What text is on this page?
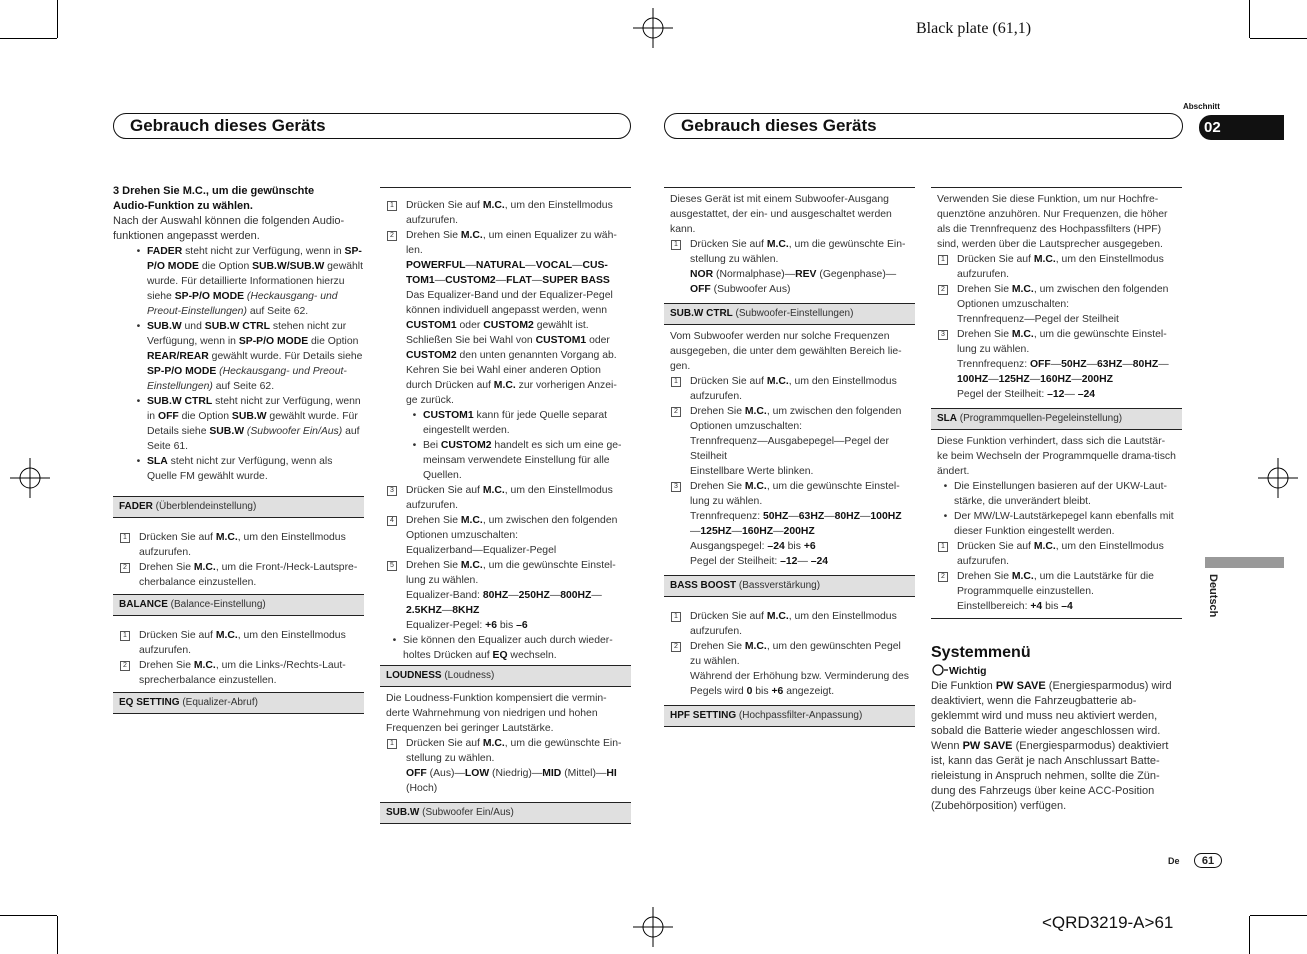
Black plate (61,1)
<QRD3219-A>61
Gebrauch dieses Geräts	Gebrauch dieses Geräts
Abschnitt
02
Deutsch
De	61

3 Drehen Sie M.C., um die gewünschte
Audio-Funktion zu wählen.

Nach der Auswahl können die folgenden Audio-funktionen angepasst werden.

• FADER steht nicht zur Verfügung, wenn in SP-P/O MODE die Option SUB.W/SUB.W gewählt wurde. Für detaillierte Informationen hierzu siehe SP-P/O MODE (Heckausgang- und Preout-Einstellungen) auf Seite 62.
• SUB.W und SUB.W CTRL stehen nicht zur Verfügung, wenn in SP-P/O MODE die Option REAR/REAR gewählt wurde. Für Details siehe SP-P/O MODE (Heckausgang- und Preout-Einstellungen) auf Seite 62.
• SUB.W CTRL steht nicht zur Verfügung, wenn in OFF die Option SUB.W gewählt wurde. Für Details siehe SUB.W (Subwoofer Ein/Aus) auf Seite 61.
• SLA steht nicht zur Verfügung, wenn als Quelle FM gewählt wurde.
FADER (Überblendeinstellung)
1 Drücken Sie auf M.C., um den Einstellmodus aufzurufen.
2 Drehen Sie M.C., um die Front-/Heck-Lautspre-cherbalance einzustellen.
BALANCE (Balance-Einstellung)
1 Drücken Sie auf M.C., um den Einstellmodus aufzurufen.
2 Drehen Sie M.C., um die Links-/Rechts-Laut-sprecherbalance einzustellen.
EQ SETTING (Equalizer-Abruf)
1 Drücken Sie auf M.C., um den Einstellmodus aufzurufen.
2 Drehen Sie M.C., um einen Equalizer zu wäh-len.
POWERFUL—NATURAL—VOCAL—CUS-TOM1—CUSTOM2—FLAT—SUPER BASS
Das Equalizer-Band und der Equalizer-Pegel können individuell angepasst werden, wenn CUSTOM1 oder CUSTOM2 gewählt ist. Schließen Sie bei Wahl von CUSTOM1 oder CUSTOM2 den unten genannten Vorgang ab. Kehren Sie bei Wahl einer anderen Option durch Drücken auf M.C. zur vorherigen Anzei-ge zurück.
• CUSTOM1 kann für jede Quelle separat eingestellt werden.
• Bei CUSTOM2 handelt es sich um eine ge-meinsam verwendete Einstellung für alle Quellen.
3 Drücken Sie auf M.C., um den Einstellmodus aufzurufen.
4 Drehen Sie M.C., um zwischen den folgenden Optionen umzuschalten:
Equalizerband—Equalizer-Pegel
5 Drehen Sie M.C., um die gewünschte Einstel-lung zu wählen.
Equalizer-Band: 80HZ—250HZ—800HZ—2.5KHZ—8KHZ
Equalizer-Pegel: +6 bis –6
• Sie können den Equalizer auch durch wieder-holtes Drücken auf EQ wechseln.
LOUDNESS (Loudness)

Die Loudness-Funktion kompensiert die vermin-derte Wahrnehmung von niedrigen und hohen Frequenzen bei geringer Lautstärke.

1 Drücken Sie auf M.C., um die gewünschte Ein-stellung zu wählen.
OFF (Aus)—LOW (Niedrig)—MID (Mittel)—HI (Hoch)
SUB.W (Subwoofer Ein/Aus)

Dieses Gerät ist mit einem Subwoofer-Ausgang ausgestattet, der ein- und ausgeschaltet werden kann.

1 Drücken Sie auf M.C., um die gewünschte Ein-stellung zu wählen.
NOR (Normalphase)—REV (Gegenphase)—OFF (Subwoofer Aus)
SUB.W CTRL (Subwoofer-Einstellungen)

Vom Subwoofer werden nur solche Frequenzen ausgegeben, die unter dem gewählten Bereich lie-gen.

1 Drücken Sie auf M.C., um den Einstellmodus aufzurufen.
2 Drehen Sie M.C., um zwischen den folgenden Optionen umzuschalten:
Trennfrequenz—Ausgabepegel—Pegel der Steilheit
Einstellbare Werte blinken.
3 Drehen Sie M.C., um die gewünschte Einstel-lung zu wählen.
Trennfrequenz: 50HZ—63HZ—80HZ—100HZ—125HZ—160HZ—200HZ
Ausgangspegel: –24 bis +6
Pegel der Steilheit: –12— –24
BASS BOOST (Bassverstärkung)
1 Drücken Sie auf M.C., um den Einstellmodus aufzurufen.
2 Drehen Sie M.C., um den gewünschten Pegel zu wählen.
Während der Erhöhung bzw. Verminderung des Pegels wird 0 bis +6 angezeigt.
HPF SETTING (Hochpassfilter-Anpassung)

Verwenden Sie diese Funktion, um nur Hochfre-quenztöne anzuhören. Nur Frequenzen, die höher als die Trennfrequenz des Hochpassfilters (HPF) sind, werden über die Lautsprecher ausgegeben.

1 Drücken Sie auf M.C., um den Einstellmodus aufzurufen.
2 Drehen Sie M.C., um zwischen den folgenden Optionen umzuschalten:
Trennfrequenz—Pegel der Steilheit
3 Drehen Sie M.C., um die gewünschte Einstel-lung zu wählen.
Trennfrequenz: OFF—50HZ—63HZ—80HZ—100HZ—125HZ—160HZ—200HZ
Pegel der Steilheit: –12— –24
SLA (Programmquellen-Pegeleinstellung)

Diese Funktion verhindert, dass sich die Lautstär-ke beim Wechseln der Programmquelle drama-tisch ändert.

• Die Einstellungen basieren auf der UKW-Laut-stärke, die unverändert bleibt.
• Der MW/LW-Lautstärkepegel kann ebenfalls mit dieser Funktion eingestellt werden.
1 Drücken Sie auf M.C., um den Einstellmodus aufzurufen.
2 Drehen Sie M.C., um die Lautstärke für die Programmquelle einzustellen.
Einstellbereich: +4 bis –4

Systemmenü

Wichtig

Die Funktion PW SAVE (Energiesparmodus) wird deaktiviert, wenn die Fahrzeugbatterie ab-geklemmt wird und muss neu aktiviert werden, sobald die Batterie wieder angeschlossen wird. Wenn PW SAVE (Energiesparmodus) deaktiviert ist, kann das Gerät je nach Anschlussart Batte-rieleistung in Anspruch nehmen, sollte die Zün-dung des Fahrzeugs über keine ACC-Position (Zubehörposition) verfügen.
